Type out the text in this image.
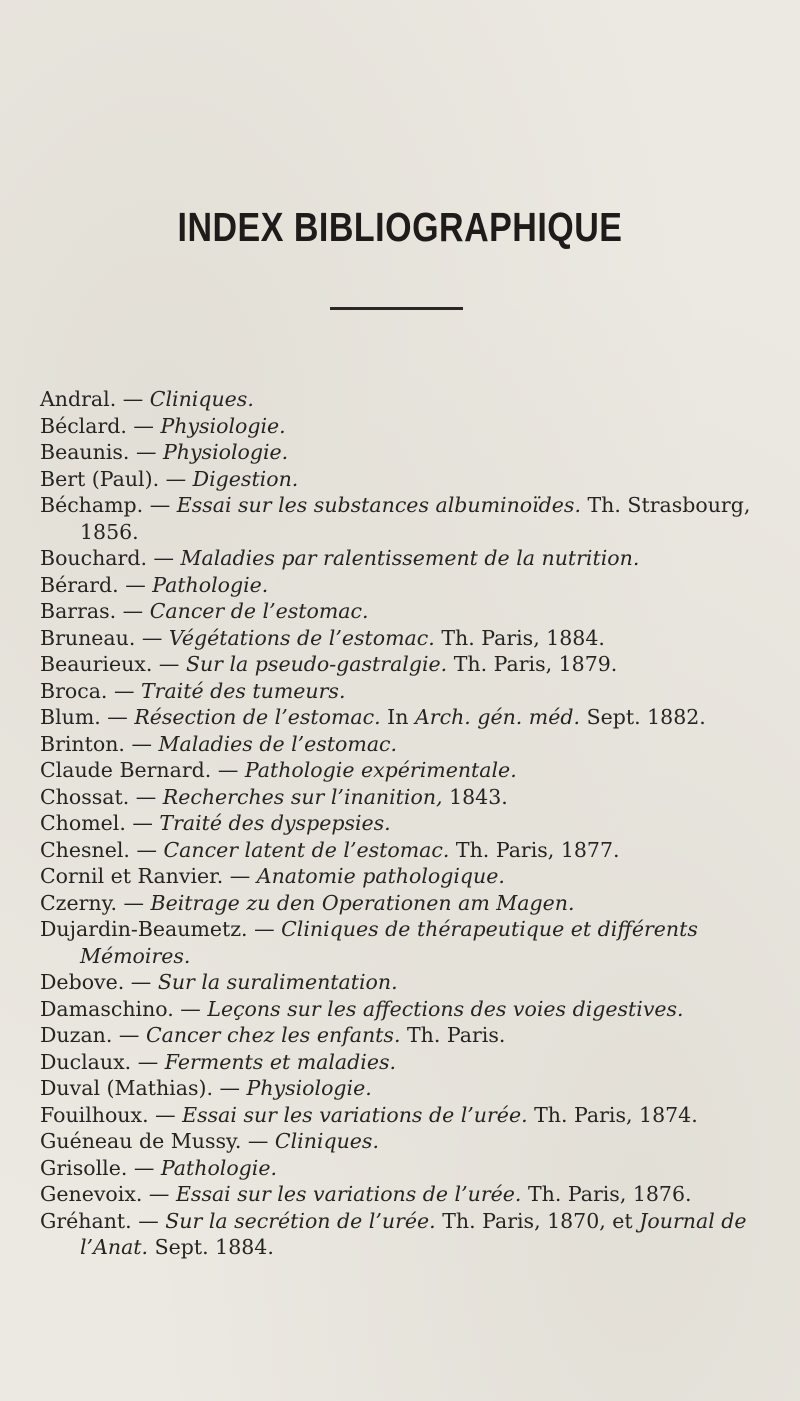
INDEX BIBLIOGRAPHIQUE
Andral. — Cliniques.
Béclard. — Physiologie.
Beaunis. — Physiologie.
Bert (Paul). — Digestion.
Béchamp. — Essai sur les substances albuminoïdes. Th. Strasbourg, 1856.
Bouchard. — Maladies par ralentissement de la nutrition.
Bérard. — Pathologie.
Barras. — Cancer de l’estomac.
Bruneau. — Végétations de l’estomac. Th. Paris, 1884.
Beaurieux. — Sur la pseudo-gastralgie. Th. Paris, 1879.
Broca. — Traité des tumeurs.
Blum. — Résection de l’estomac. In Arch. gén. méd. Sept. 1882.
Brinton. — Maladies de l’estomac.
Claude Bernard. — Pathologie expérimentale.
Chossat. — Recherches sur l’inanition, 1843.
Chomel. — Traité des dyspepsies.
Chesnel. — Cancer latent de l’estomac. Th. Paris, 1877.
Cornil et Ranvier. — Anatomie pathologique.
Czerny. — Beitrage zu den Operationen am Magen.
Dujardin-Beaumetz. — Cliniques de thérapeutique et différents Mémoires.
Debove. — Sur la suralimentation.
Damaschino. — Leçons sur les affections des voies digestives.
Duzan. — Cancer chez les enfants. Th. Paris.
Duclaux. — Ferments et maladies.
Duval (Mathias). — Physiologie.
Fouilhoux. — Essai sur les variations de l’urée. Th. Paris, 1874.
Guéneau de Mussy. — Cliniques.
Grisolle. — Pathologie.
Genevoix. — Essai sur les variations de l’urée. Th. Paris, 1876.
Gréhant. — Sur la secrétion de l’urée. Th. Paris, 1870, et Journal de l’Anat. Sept. 1884.
